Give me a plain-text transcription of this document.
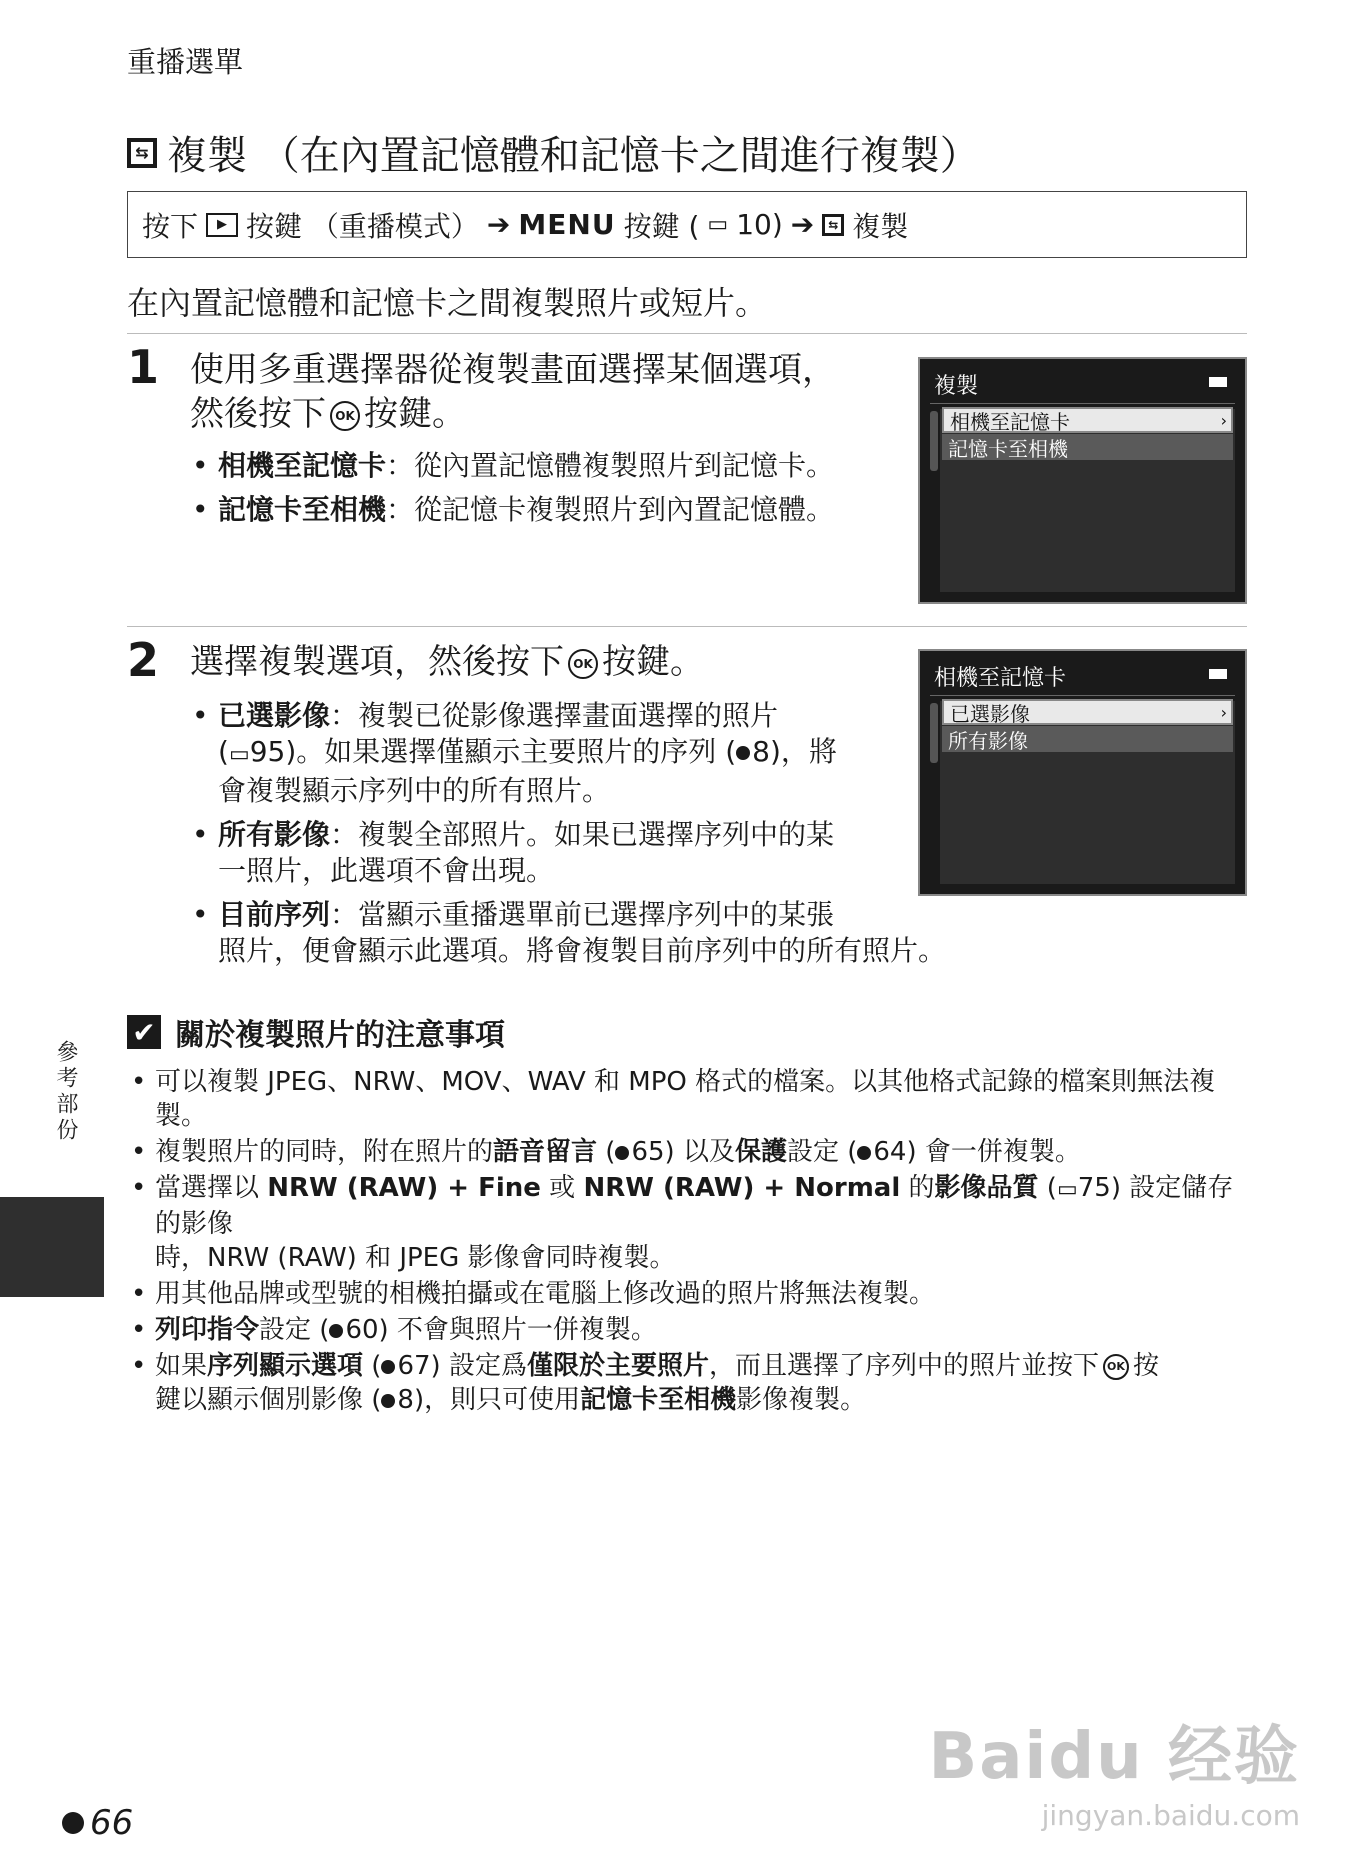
重播選單
⇆ 複製 （在內置記憶體和記憶卡之間進行複製）
按下	▶ 按鍵 （重播模式） ➔ MENU 按鍵 ( ▭ 10) ➔	⇆ 複製
在內置記憶體和記憶卡之間複製照片或短片。
1 使用多重選擇器從複製畫面選擇某個選項，
然後按下 OK 按鍵。
• 相機至記憶卡：從內置記憶體複製照片到記憶卡。
• 記憶卡至相機：從記憶卡複製照片到內置記憶體。
複製
相機至記憶卡 ›
記憶卡至相機
2 選擇複製選項，然後按下 OK 按鍵。
• 已選影像：複製已從影像選擇畫面選擇的照片
(▭95)。如果選擇僅顯示主要照片的序列 ( 8)，將
會複製顯示序列中的所有照片。
• 所有影像：複製全部照片。如果已選擇序列中的某
一照片，此選項不會出現。
• 目前序列：當顯示重播選單前已選擇序列中的某張
照片，便會顯示此選項。將會複製目前序列中的所有照片。
相機至記憶卡
已選影像 ›
所有影像
✔ 關於複製照片的注意事項
• 可以複製 JPEG、NRW、MOV、WAV 和 MPO 格式的檔案。以其他格式記錄的檔案則無法複製。
• 複製照片的同時，附在照片的語音留言 ( 65) 以及保護設定 ( 64) 會一併複製。
• 當選擇以 NRW (RAW) + Fine 或 NRW (RAW) + Normal 的影像品質 (▭75) 設定儲存的影像
時，NRW (RAW) 和 JPEG 影像會同時複製。
• 用其他品牌或型號的相機拍攝或在電腦上修改過的照片將無法複製。
• 列印指令設定 ( 60) 不會與照片一併複製。
• 如果序列顯示選項 ( 67) 設定爲僅限於主要照片，而且選擇了序列中的照片並按下 OK 按
鍵以顯示個別影像 ( 8)，則只可使用記憶卡至相機影像複製。
參考部份
66
Baidu 经验
jingyan.baidu.com
